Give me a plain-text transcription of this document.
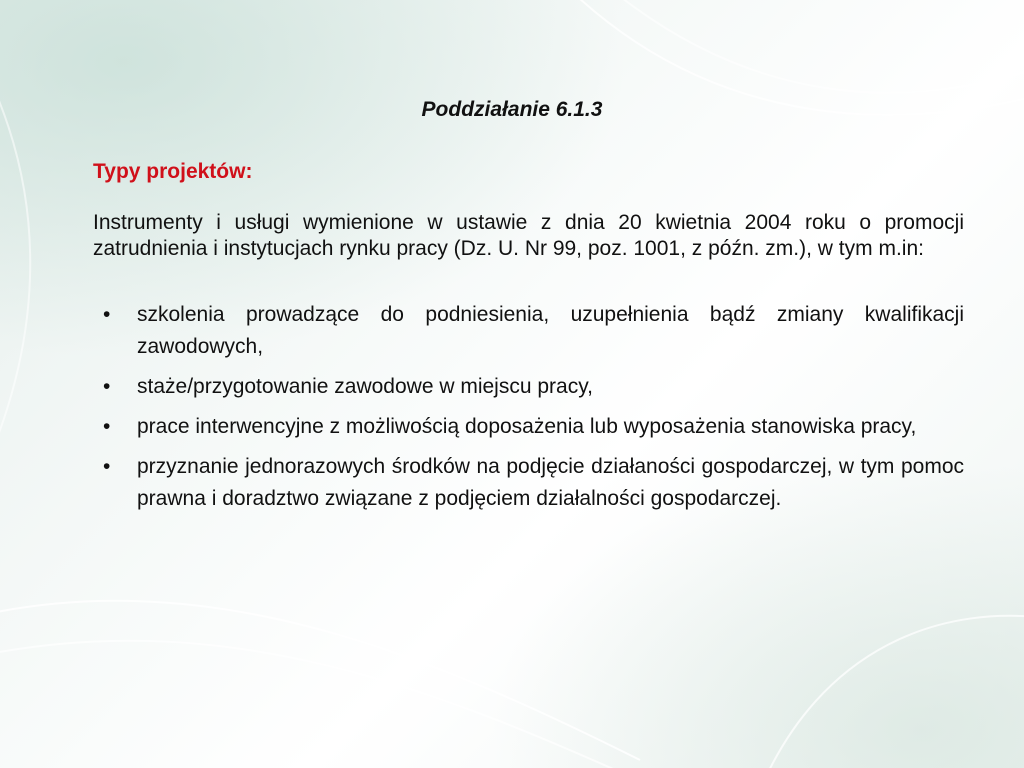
Poddziałanie 6.1.3
Typy projektów:

Instrumenty i usługi wymienione w ustawie z dnia 20 kwietnia 2004 roku o promocji zatrudnienia i instytucjach rynku pracy (Dz. U. Nr 99, poz. 1001, z późn. zm.), w tym m.in:

• szkolenia prowadzące do podniesienia, uzupełnienia bądź zmiany kwalifikacji zawodowych,
• staże/przygotowanie zawodowe w miejscu pracy,
• prace interwencyjne z możliwością doposażenia lub wyposażenia stanowiska pracy,
• przyznanie jednorazowych środków na podjęcie działaności gospodarczej, w tym pomoc prawna i doradztwo związane z podjęciem działalności gospodarczej.
